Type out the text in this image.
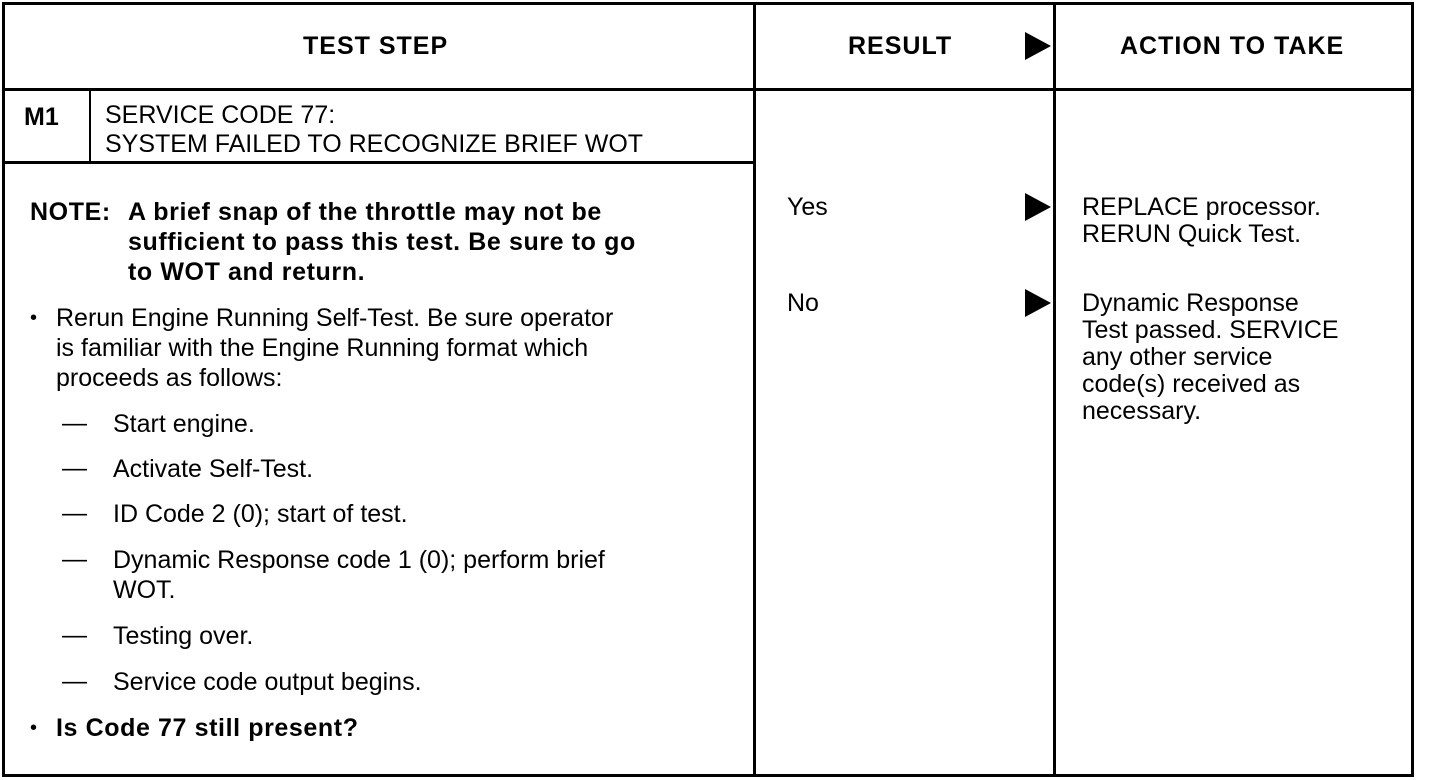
TEST STEP	RESULT	ACTION TO TAKE
M1 SERVICE CODE 77:
SYSTEM FAILED TO RECOGNIZE BRIEF WOT
NOTE: A brief snap of the throttle may not be
sufficient to pass this test. Be sure to go
to WOT and return.
• Rerun Engine Running Self-Test. Be sure operator
is familiar with the Engine Running format which
proceeds as follows:
— Start engine.
— Activate Self-Test.
— ID Code 2 (0); start of test.
— Dynamic Response code 1 (0); perform brief
WOT.
— Testing over.
— Service code output begins.
• Is Code 77 still present?
Yes
No
REPLACE processor.
RERUN Quick Test.
Dynamic Response
Test passed. SERVICE
any other service
code(s) received as
necessary.
